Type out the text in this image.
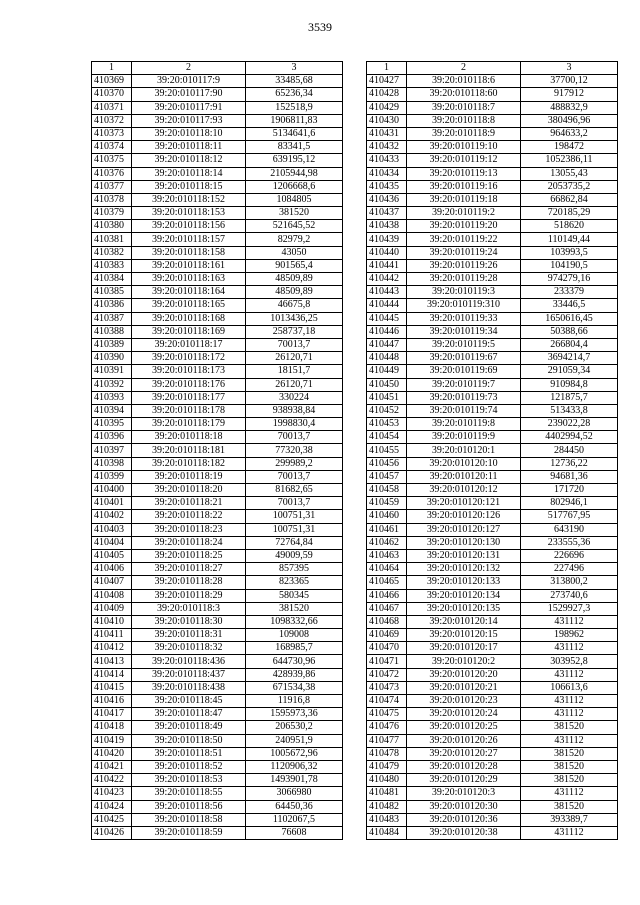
3539
1	2	3
410369	39:20:010117:9	33485,68
410370	39:20:010117:90	65236,34
410371	39:20:010117:91	152518,9
410372	39:20:010117:93	1906811,83
410373	39:20:010118:10	5134641,6
410374	39:20:010118:11	83341,5
410375	39:20:010118:12	639195,12
410376	39:20:010118:14	2105944,98
410377	39:20:010118:15	1206668,6
410378	39:20:010118:152	1084805
410379	39:20:010118:153	381520
410380	39:20:010118:156	521645,52
410381	39:20:010118:157	82979,2
410382	39:20:010118:158	43050
410383	39:20:010118:161	901565,4
410384	39:20:010118:163	48509,89
410385	39:20:010118:164	48509,89
410386	39:20:010118:165	46675,8
410387	39:20:010118:168	1013436,25
410388	39:20:010118:169	258737,18
410389	39:20:010118:17	70013,7
410390	39:20:010118:172	26120,71
410391	39:20:010118:173	18151,7
410392	39:20:010118:176	26120,71
410393	39:20:010118:177	330224
410394	39:20:010118:178	938938,84
410395	39:20:010118:179	1998830,4
410396	39:20:010118:18	70013,7
410397	39:20:010118:181	77320,38
410398	39:20:010118:182	299989,2
410399	39:20:010118:19	70013,7
410400	39:20:010118:20	81682,65
410401	39:20:010118:21	70013,7
410402	39:20:010118:22	100751,31
410403	39:20:010118:23	100751,31
410404	39:20:010118:24	72764,84
410405	39:20:010118:25	49009,59
410406	39:20:010118:27	857395
410407	39:20:010118:28	823365
410408	39:20:010118:29	580345
410409	39:20:010118:3	381520
410410	39:20:010118:30	1098332,66
410411	39:20:010118:31	109008
410412	39:20:010118:32	168985,7
410413	39:20:010118:436	644730,96
410414	39:20:010118:437	428939,86
410415	39:20:010118:438	671534,38
410416	39:20:010118:45	11916,8
410417	39:20:010118:47	1595973,36
410418	39:20:010118:49	206530,2
410419	39:20:010118:50	240951,9
410420	39:20:010118:51	1005672,96
410421	39:20:010118:52	1120906,32
410422	39:20:010118:53	1493901,78
410423	39:20:010118:55	3066980
410424	39:20:010118:56	64450,36
410425	39:20:010118:58	1102067,5
410426	39:20:010118:59	76608
1	2	3
410427	39:20:010118:6	37700,12
410428	39:20:010118:60	917912
410429	39:20:010118:7	488832,9
410430	39:20:010118:8	380496,96
410431	39:20:010118:9	964633,2
410432	39:20:010119:10	198472
410433	39:20:010119:12	1052386,11
410434	39:20:010119:13	13055,43
410435	39:20:010119:16	2053735,2
410436	39:20:010119:18	66862,84
410437	39:20:010119:2	720185,29
410438	39:20:010119:20	518620
410439	39:20:010119:22	110149,44
410440	39:20:010119:24	103993,5
410441	39:20:010119:26	104190,5
410442	39:20:010119:28	974279,16
410443	39:20:010119:3	233379
410444	39:20:010119:310	33446,5
410445	39:20:010119:33	1650616,45
410446	39:20:010119:34	50388,66
410447	39:20:010119:5	266804,4
410448	39:20:010119:67	3694214,7
410449	39:20:010119:69	291059,34
410450	39:20:010119:7	910984,8
410451	39:20:010119:73	121875,7
410452	39:20:010119:74	513433,8
410453	39:20:010119:8	239022,28
410454	39:20:010119:9	4402994,52
410455	39:20:010120:1	284450
410456	39:20:010120:10	12736,22
410457	39:20:010120:11	94681,36
410458	39:20:010120:12	171720
410459	39:20:010120:121	802946,1
410460	39:20:010120:126	517767,95
410461	39:20:010120:127	643190
410462	39:20:010120:130	233555,36
410463	39:20:010120:131	226696
410464	39:20:010120:132	227496
410465	39:20:010120:133	313800,2
410466	39:20:010120:134	273740,6
410467	39:20:010120:135	1529927,3
410468	39:20:010120:14	431112
410469	39:20:010120:15	198962
410470	39:20:010120:17	431112
410471	39:20:010120:2	303952,8
410472	39:20:010120:20	431112
410473	39:20:010120:21	106613,6
410474	39:20:010120:23	431112
410475	39:20:010120:24	431112
410476	39:20:010120:25	381520
410477	39:20:010120:26	431112
410478	39:20:010120:27	381520
410479	39:20:010120:28	381520
410480	39:20:010120:29	381520
410481	39:20:010120:3	431112
410482	39:20:010120:30	381520
410483	39:20:010120:36	393389,7
410484	39:20:010120:38	431112
